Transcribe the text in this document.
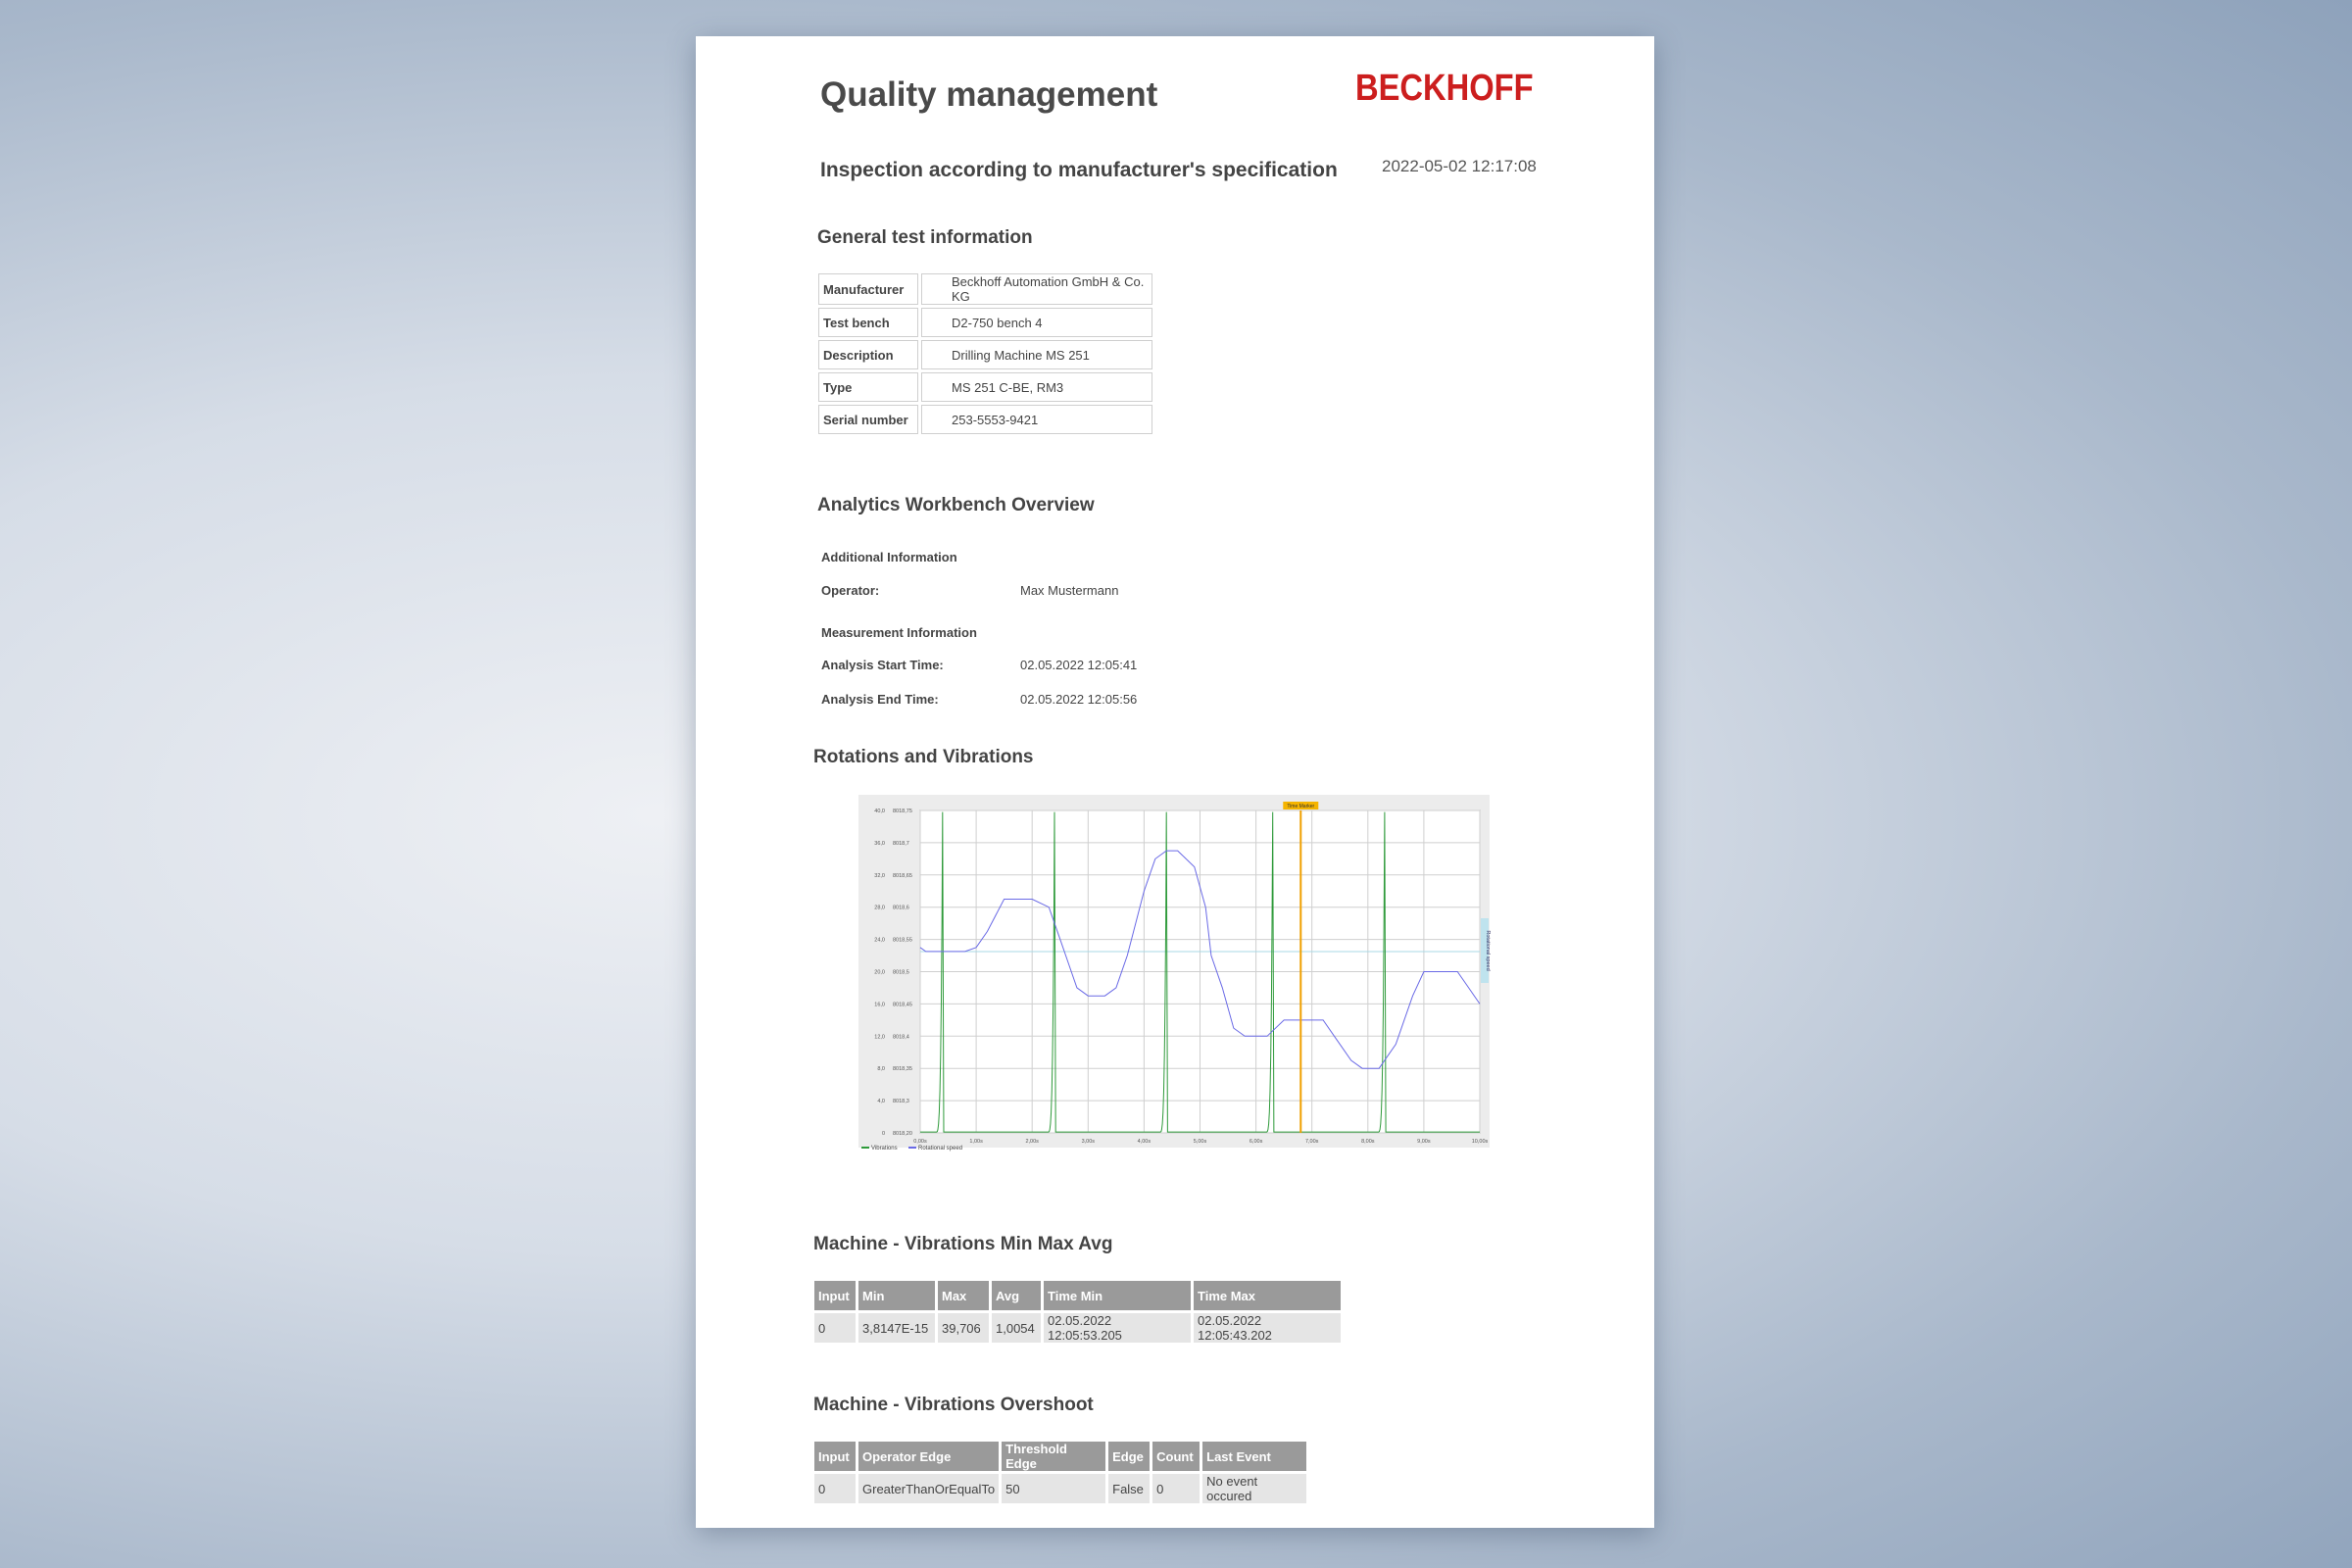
Quality management	BECKHOFF
Inspection according to manufacturer's specification	2022-05-02 12:17:08
General test information
Manufacturer	Beckhoff Automation GmbH & Co. KG
Test bench	D2-750 bench 4
Description	Drilling Machine MS 251
Type	MS 251 C-BE, RM3
Serial number	253-5553-9421
Analytics Workbench Overview
Additional Information
Operator:	Max Mustermann
Measurement Information
Analysis Start Time:	02.05.2022 12:05:41
Analysis End Time:	02.05.2022 12:05:56
Rotations and Vibrations
0,00s	1,00s	2,00s	3,00s	4,00s	5,00s	6,00s	7,00s	8,00s	9,00s	10,00s
0
4,0
8,0
12,0
16,0
20,0
24,0
28,0
32,0
36,0
40,0
8018,20
8018,3
8018,35
8018,4
8018,45
8018,5
8018,55
8018,6
8018,65
8018,7
8018,75
Time Marker
Rotational speed
Vibrations	Rotational speed
Machine - Vibrations Min Max Avg
Input	Min	Max	Avg	Time Min	Time Max
0	3,8147E-15	39,706	1,0054	02.05.2022 12:05:53.205	02.05.2022 12:05:43.202
Machine - Vibrations Overshoot
Input	Operator Edge	Threshold Edge	Edge	Count	Last Event
0	GreaterThanOrEqualTo	50	False	0	No event occured
